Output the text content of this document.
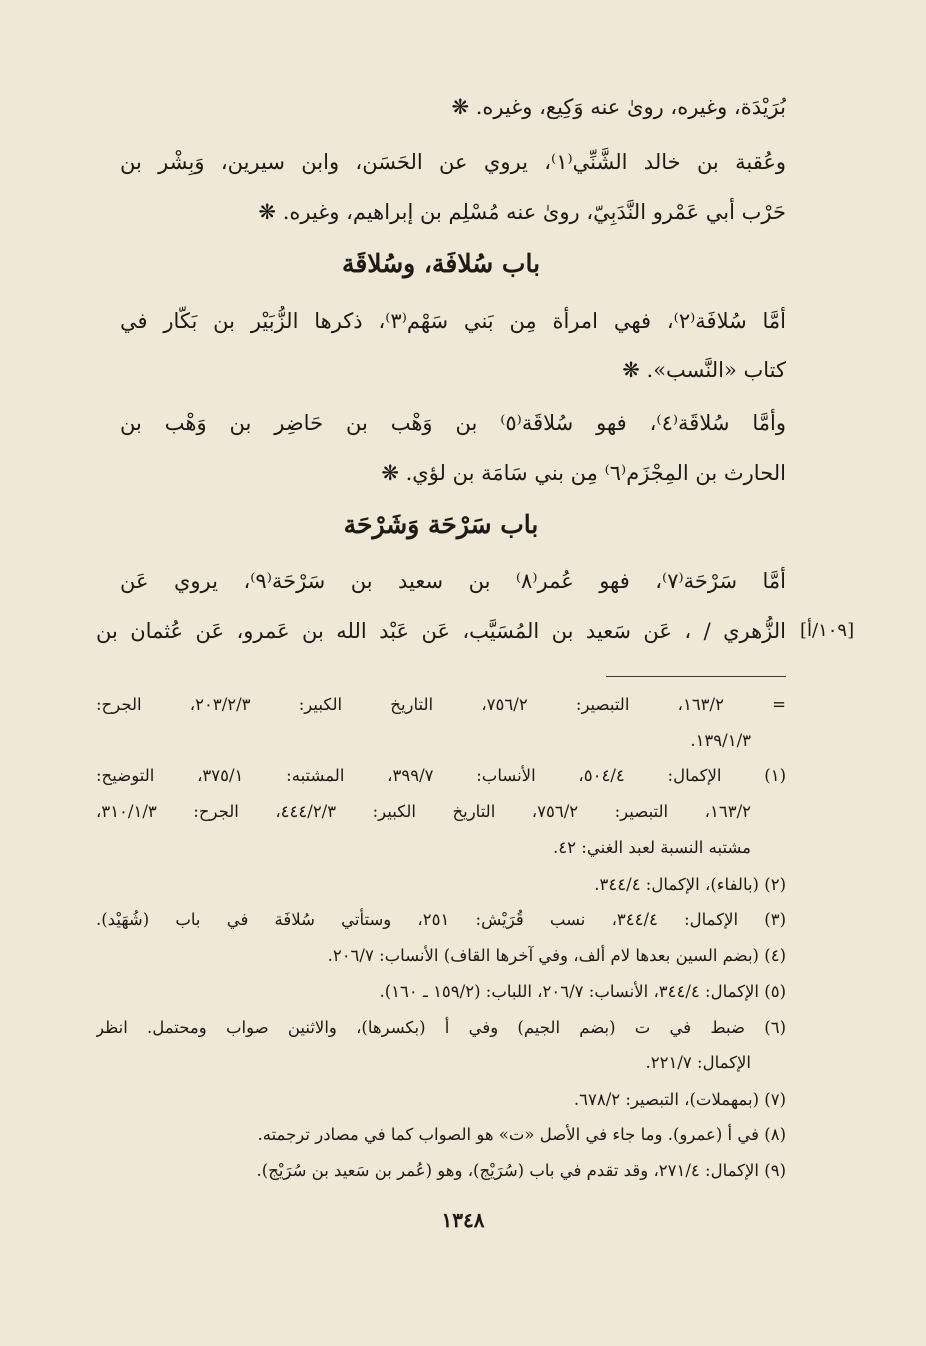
بُرَيْدَة، وغيره، روىٰ عنه وَكِيع، وغيره. ❋
وعُقبة بن خالد الشَّنِّي⁽١⁾، يروي عن الحَسَن، وابن سيرين، وَبِشْر بن
حَرْب أبي عَمْرو النَّدَبِيّ، روىٰ عنه مُسْلِم بن إبراهيم، وغيره. ❋
باب سُلافَة، وسُلاقَة
أمَّا سُلافَة⁽٢⁾، فهي امرأة مِن بَني سَهْم⁽٣⁾، ذكرها الزُّبَيْر بن بَكَّار في
كتاب «النَّسب». ❋
وأمَّا سُلاقَة⁽٤⁾، فهو سُلاقَة⁽٥⁾ بن وَهْب بن حَاضِر بن وَهْب بن
الحارث بن المِجْزَم⁽٦⁾ مِن بني سَامَة بن لؤي. ❋
باب سَرْحَة وَشَرْحَة
أمَّا سَرْحَة⁽٧⁾، فهو عُمر⁽٨⁾ بن سعيد بن سَرْحَة⁽٩⁾، يروي عَن
الزُّهري / ، عَن سَعيد بن المُسَيَّب، عَن عَبْد الله بن عَمرو، عَن عُثمان بن [١٠٩/أ]
= ١٦٣/٢، التبصير: ٧٥٦/٢، التاريخ الكبير: ٢٠٣/٢/٣، الجرح:
١٣٩/١/٣.
(١) الإكمال: ٥٠٤/٤، الأنساب: ٣٩٩/٧، المشتبه: ٣٧٥/١، التوضيح:
١٦٣/٢، التبصير: ٧٥٦/٢، التاريخ الكبير: ٤٤٤/٢/٣، الجرح: ٣١٠/١/٣،
مشتبه النسبة لعبد الغني: ٤٢.
(٢) (بالفاء)، الإكمال: ٣٤٤/٤.
(٣) الإكمال: ٣٤٤/٤، نسب قُرَيْش: ٢٥١، وستأتي سُلافَة في باب (شُهَيْد).
(٤) (بضم السين بعدها لام ألف، وفي آخرها القاف) الأنساب: ٢٠٦/٧.
(٥) الإكمال: ٣٤٤/٤، الأنساب: ٢٠٦/٧، اللباب: (١٥٩/٢ ـ ١٦٠).
(٦) ضبط في ت (بضم الجيم) وفي أ (بكسرها)، والاثنين صواب ومحتمل. انظر
الإكمال: ٢٢١/٧.
(٧) (بمهملات)، التبصير: ٦٧٨/٢.
(٨) في أ (عمرو). وما جاء في الأصل «ت» هو الصواب كما في مصادر ترجمته.
(٩) الإكمال: ٢٧١/٤، وقد تقدم في باب (سُرَيْج)، وهو (عُمر بن سَعيد بن سُرَيْج).
١٣٤٨
